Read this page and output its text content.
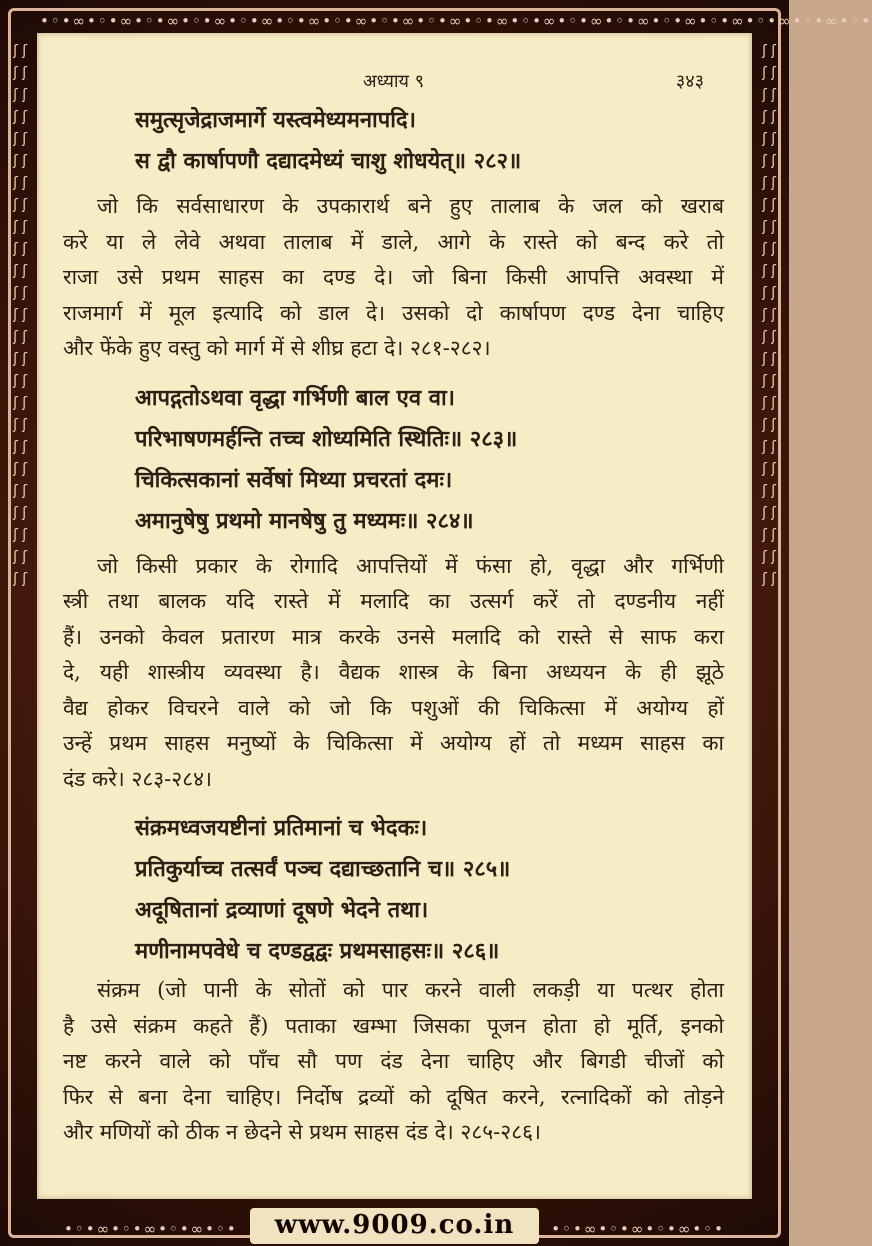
•◦•∞•◦•∞•◦•∞•◦•∞•◦•∞•◦•∞•◦•∞•◦•∞•◦•∞•◦•∞•◦•∞•◦•∞•◦•∞•◦•∞•◦•∞•◦•∞•◦•∞•◦•
ʃ ʃ ʃ ʃ ʃ ʃ ʃ ʃ ʃ ʃ ʃ ʃ ʃ ʃ ʃ ʃ ʃ ʃ ʃ ʃ ʃ ʃ ʃ ʃ ʃ ʃ ʃ ʃ ʃ ʃ ʃ ʃ ʃ ʃ ʃ ʃ ʃ ʃ ʃ ʃ ʃ ʃ ʃ ʃ ʃ ʃ ʃ ʃ ʃ ʃ
ʃ ʃ ʃ ʃ ʃ ʃ ʃ ʃ ʃ ʃ ʃ ʃ ʃ ʃ ʃ ʃ ʃ ʃ ʃ ʃ ʃ ʃ ʃ ʃ ʃ ʃ ʃ ʃ ʃ ʃ ʃ ʃ ʃ ʃ ʃ ʃ ʃ ʃ ʃ ʃ ʃ ʃ ʃ ʃ ʃ ʃ ʃ ʃ ʃ ʃ
•◦•∞•◦•∞•◦•∞•◦•	•◦•∞•◦•∞•◦•∞•◦•
अध्याय ९	३४३
समुत्सृजेद्राजमार्गे यस्त्वमेध्यमनापदि।
स द्वौ कार्षापणौ दद्यादमेध्यं चाशु शोधयेत्॥ २८२॥
जो कि सर्वसाधारण के उपकारार्थ बने हुए तालाब के जल को खराब
करे या ले लेवे अथवा तालाब में डाले, आगे के रास्ते को बन्द करे तो
राजा उसे प्रथम साहस का दण्ड दे। जो बिना किसी आपत्ति अवस्था में
राजमार्ग में मूल इत्यादि को डाल दे। उसको दो कार्षापण दण्ड देना चाहिए
और फेंके हुए वस्तु को मार्ग में से शीघ्र हटा दे। २८१-२८२।
आपद्गतोऽथवा वृद्धा गर्भिणी बाल एव वा।
परिभाषणमर्हन्ति तच्च शोध्यमिति स्थितिः॥ २८३॥
चिकित्सकानां सर्वेषां मिथ्या प्रचरतां दमः।
अमानुषेषु प्रथमो मानषेषु तु मध्यमः॥ २८४॥
जो किसी प्रकार के रोगादि आपत्तियों में फंसा हो, वृद्धा और गर्भिणी
स्त्री तथा बालक यदि रास्ते में मलादि का उत्सर्ग करें तो दण्डनीय नहीं
हैं। उनको केवल प्रतारण मात्र करके उनसे मलादि को रास्ते से साफ करा
दे, यही शास्त्रीय व्यवस्था है। वैद्यक शास्त्र के बिना अध्ययन के ही झूठे
वैद्य होकर विचरने वाले को जो कि पशुओं की चिकित्सा में अयोग्य हों
उन्हें प्रथम साहस मनुष्यों के चिकित्सा में अयोग्य हों तो मध्यम साहस का
दंड करे। २८३-२८४।
संक्रमध्वजयष्टीनां प्रतिमानां च भेदकः।
प्रतिकुर्याच्च तत्सर्वं पञ्च दद्याच्छतानि च॥ २८५॥
अदूषितानां द्रव्याणां दूषणे भेदने तथा।
मणीनामपवेधे च दण्डद्वद्वः प्रथमसाहसः॥ २८६॥
संक्रम (जो पानी के सोतों को पार करने वाली लकड़ी या पत्थर होता
है उसे संक्रम कहते हैं) पताका खम्भा जिसका पूजन होता हो मूर्ति, इनको
नष्ट करने वाले को पाँच सौ पण दंड देना चाहिए और बिगडी चीजों को
फिर से बना देना चाहिए। निर्दोष द्रव्यों को दूषित करने, रत्नादिकों को तोड़ने
और मणियों को ठीक न छेदने से प्रथम साहस दंड दे। २८५-२८६।
www.9009.co.in
